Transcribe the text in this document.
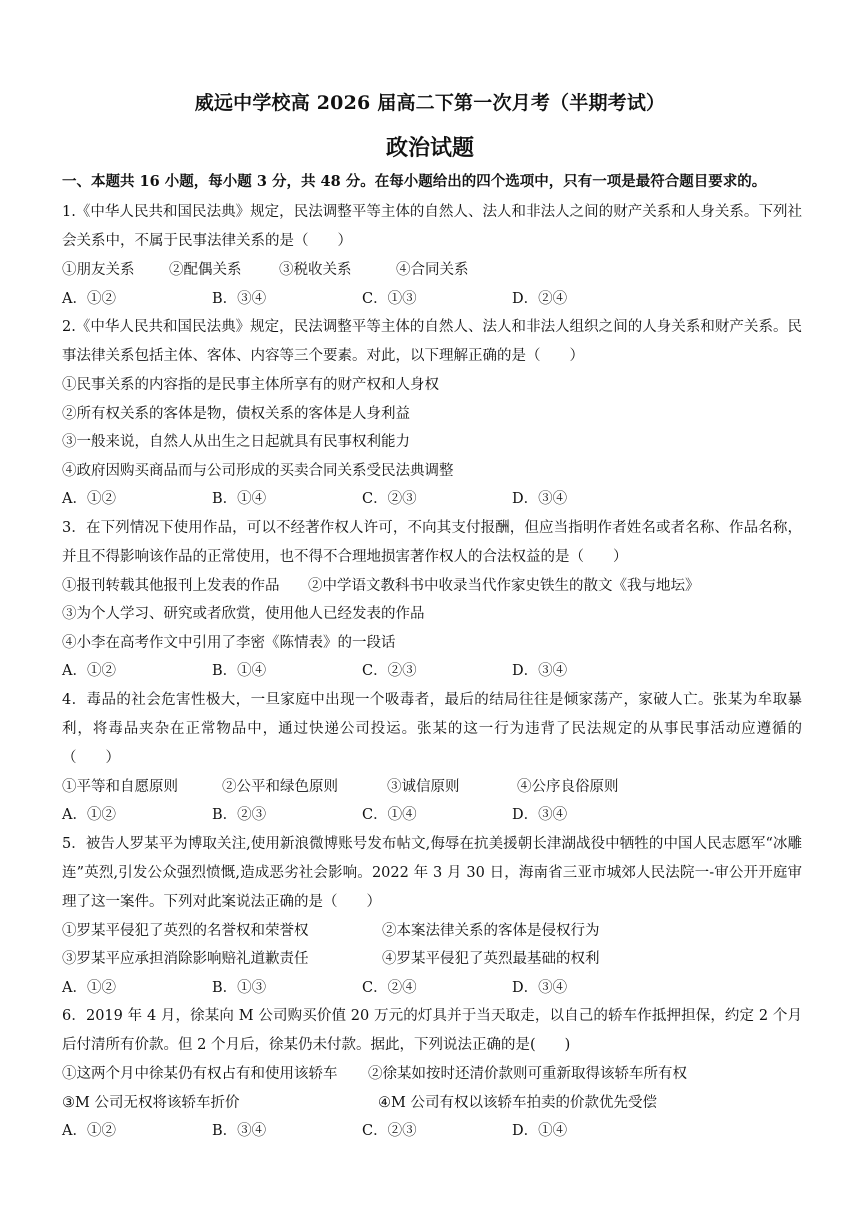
威远中学校高 2026 届高二下第一次月考（半期考试）
政治试题
一、本题共 16 小题，每小题 3 分，共 48 分。在每小题给出的四个选项中，只有一项是最符合题目要求的。

1.《中华人民共和国民法典》规定，民法调整平等主体的自然人、法人和非法人之间的财产关系和人身关系。下列社会关系中，不属于民事法律关系的是（　　）

①朋友关系	②配偶关系	③税收关系	④合同关系
A．①②	B．③④	C．①③	D．②④

2.《中华人民共和国民法典》规定，民法调整平等主体的自然人、法人和非法人组织之间的人身关系和财产关系。民事法律关系包括主体、客体、内容等三个要素。对此，以下理解正确的是（　　）

①民事关系的内容指的是民事主体所享有的财产权和人身权
②所有权关系的客体是物，债权关系的客体是人身利益
③一般来说，自然人从出生之日起就具有民事权利能力
④政府因购买商品而与公司形成的买卖合同关系受民法典调整
A．①②	B．①④	C．②③	D．③④

3．在下列情况下使用作品，可以不经著作权人许可，不向其支付报酬，但应当指明作者姓名或者名称、作品名称，并且不得影响该作品的正常使用，也不得不合理地损害著作权人的合法权益的是（　　）

①报刊转载其他报刊上发表的作品	②中学语文教科书中收录当代作家史铁生的散文《我与地坛》
③为个人学习、研究或者欣赏，使用他人已经发表的作品
④小李在高考作文中引用了李密《陈情表》的一段话
A．①②	B．①④	C．②③	D．③④

4．毒品的社会危害性极大，一旦家庭中出现一个吸毒者，最后的结局往往是倾家荡产，家破人亡。张某为牟取暴利，将毒品夹杂在正常物品中，通过快递公司投运。张某的这一行为违背了民法规定的从事民事活动应遵循的（　　）

①平等和自愿原则	②公平和绿色原则	③诚信原则	④公序良俗原则
A．①②	B．②③	C．①④	D．③④

5．被告人罗某平为博取关注,使用新浪微博账号发布帖文,侮辱在抗美援朝长津湖战役中牺牲的中国人民志愿军“冰雕连”英烈,引发公众强烈愤慨,造成恶劣社会影响。2022 年 3 月 30 日，海南省三亚市城郊人民法院一-审公开开庭审理了这一案件。下列对此案说法正确的是（　　）

①罗某平侵犯了英烈的名誉权和荣誉权	②本案法律关系的客体是侵权行为
③罗某平应承担消除影响赔礼道歉责任	④罗某平侵犯了英烈最基础的权利
A．①②	B．①③	C．②④	D．③④

6．2019 年 4 月，徐某向 M 公司购买价值 20 万元的灯具并于当天取走，以自己的轿车作抵押担保，约定 2 个月后付清所有价款。但 2 个月后，徐某仍未付款。据此，下列说法正确的是(　　)

①这两个月中徐某仍有权占有和使用该轿车	②徐某如按时还清价款则可重新取得该轿车所有权
③M 公司无权将该轿车折价	④M 公司有权以该轿车拍卖的价款优先受偿
A．①②	B．③④	C．②③	D．①④
